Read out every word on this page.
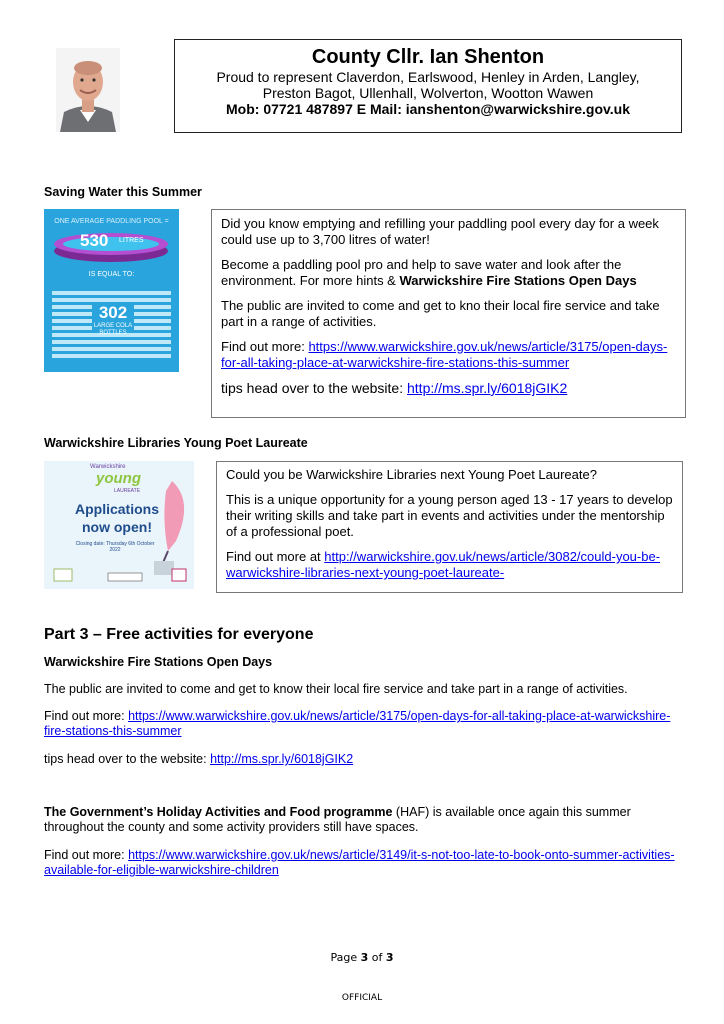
County Cllr. Ian Shenton
Proud to represent Claverdon, Earlswood, Henley in Arden, Langley,
Preston Bagot, Ullenhall, Wolverton, Wootton Wawen
Mob: 07721 487897 E Mail: ianshenton@warwickshire.gov.uk
Saving Water this Summer
ONE AVERAGE PADDLING POOL =
530 LITRES
IS EQUAL TO:
302
LARGE COLA
BOTTLES

Did you know emptying and refilling your paddling pool every day for a week could use up to 3,700 litres of water!

Become a paddling pool pro and help to save water and look after the environment. For more hints & Warwickshire Fire Stations Open Days

The public are invited to come and get to kno their local fire service and take part in a range of activities.

Find out more: https://www.warwickshire.gov.uk/news/article/3175/open-days-for-all-taking-place-at-warwickshire-fire-stations-this-summer

tips head over to the website: http://ms.spr.ly/6018jGIK2

Warwickshire Libraries Young Poet Laureate
Warwickshire
young
LAUREATE
Applications
now open!
Closing date: Thursday 6th October
2022

Could you be Warwickshire Libraries next Young Poet Laureate?

This is a unique opportunity for a young person aged 13 - 17 years to develop their writing skills and take part in events and activities under the mentorship of a professional poet.

Find out more at http://warwickshire.gov.uk/news/article/3082/could-you-be-warwickshire-libraries-next-young-poet-laureate-

Part 3 – Free activities for everyone
Warwickshire Fire Stations Open Days
The public are invited to come and get to know their local fire service and take part in a range of activities.
Find out more: https://www.warwickshire.gov.uk/news/article/3175/open-days-for-all-taking-place-at-warwickshire-fire-stations-this-summer
tips head over to the website: http://ms.spr.ly/6018jGIK2
The Government’s Holiday Activities and Food programme (HAF) is available once again this summer throughout the county and some activity providers still have spaces.
Find out more: https://www.warwickshire.gov.uk/news/article/3149/it-s-not-too-late-to-book-onto-summer-activities-available-for-eligible-warwickshire-children
Page 3 of 3
OFFICIAL
